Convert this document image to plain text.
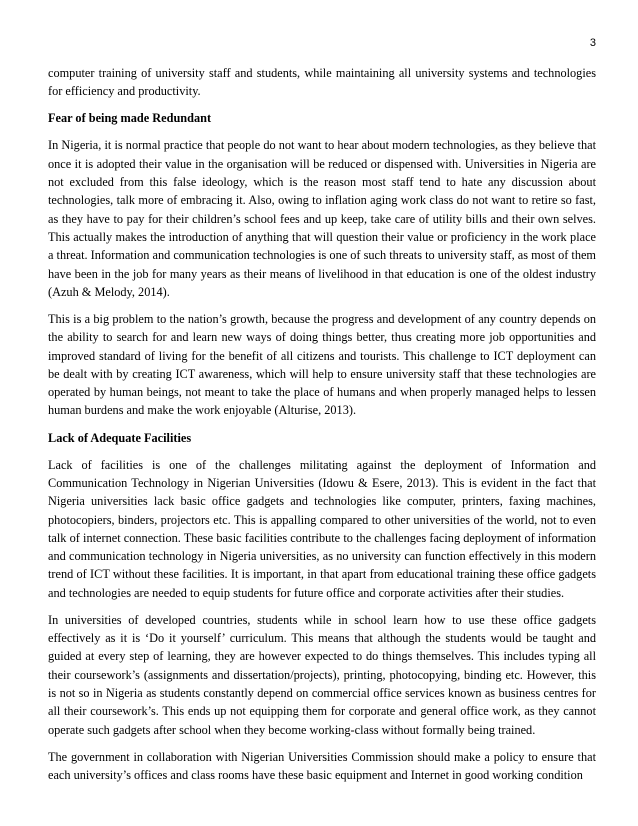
3

computer training of university staff and students, while maintaining all university systems and technologies for efficiency and productivity.

Fear of being made Redundant

In Nigeria, it is normal practice that people do not want to hear about modern technologies, as they believe that once it is adopted their value in the organisation will be reduced or dispensed with. Universities in Nigeria are not excluded from this false ideology, which is the reason most staff tend to hate any discussion about technologies, talk more of embracing it. Also, owing to inflation aging work class do not want to retire so fast, as they have to pay for their children’s school fees and up keep, take care of utility bills and their own selves. This actually makes the introduction of anything that will question their value or proficiency in the work place a threat. Information and communication technologies is one of such threats to university staff, as most of them have been in the job for many years as their means of livelihood in that education is one of the oldest industry (Azuh & Melody, 2014).

This is a big problem to the nation’s growth, because the progress and development of any country depends on the ability to search for and learn new ways of doing things better, thus creating more job opportunities and improved standard of living for the benefit of all citizens and tourists. This challenge to ICT deployment can be dealt with by creating ICT awareness, which will help to ensure university staff that these technologies are operated by human beings, not meant to take the place of humans and when properly managed helps to lessen human burdens and make the work enjoyable (Alturise, 2013).

Lack of Adequate Facilities

Lack of facilities is one of the challenges militating against the deployment of Information and Communication Technology in Nigerian Universities (Idowu & Esere, 2013). This is evident in the fact that Nigeria universities lack basic office gadgets and technologies like computer, printers, faxing machines, photocopiers, binders, projectors etc. This is appalling compared to other universities of the world, not to even talk of internet connection. These basic facilities contribute to the challenges facing deployment of information and communication technology in Nigeria universities, as no university can function effectively in this modern trend of ICT without these facilities. It is important, in that apart from educational training these office gadgets and technologies are needed to equip students for future office and corporate activities after their studies.

In universities of developed countries, students while in school learn how to use these office gadgets effectively as it is ‘Do it yourself’ curriculum. This means that although the students would be taught and guided at every step of learning, they are however expected to do things themselves. This includes typing all their coursework’s (assignments and dissertation/projects), printing, photocopying, binding etc. However, this is not so in Nigeria as students constantly depend on commercial office services known as business centres for all their coursework’s. This ends up not equipping them for corporate and general office work, as they cannot operate such gadgets after school when they become working-class without formally being trained.

The government in collaboration with Nigerian Universities Commission should make a policy to ensure that each university’s offices and class rooms have these basic equipment and Internet in good working condition
